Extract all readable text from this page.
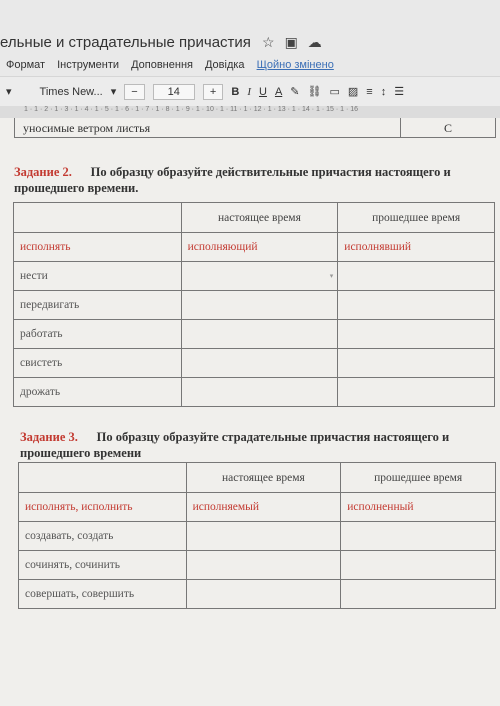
ельные и страдательные причастия ☆ ▣ ☁
Формат Інструменти Доповнення Довідка Щойно змінено
▾	Times New... ▾	−	14	+	B I U A ✎ ⛓ ▭ ▨ ≡ ↕ ☰
1 · 1 · 2 · 1 · 3 · 1 · 4 · 1 · 5 · 1 · 6 · 1 · 7 · 1 · 8 · 1 · 9 · 1 · 10 · 1 · 11 · 1 · 12 · 1 · 13 · 1 · 14 · 1 · 15 · 1 · 16
уносимые ветром листья	С
Задание 2. По образцу образуйте действительные причастия настоящего и прошедшего времени.
	настоящее время	прошедшее время
исполнять	исполняющий	исполнявший
нести	▾	

передвигать		
работать		
свистеть		
дрожать		
Задание 3. По образцу образуйте страдательные причастия настоящего и прошедшего времени
	настоящее время	прошедшее время
исполнять, исполнить	исполняемый	исполненный
создавать, создать		
сочинять, сочинить		
совершать, совершить		
